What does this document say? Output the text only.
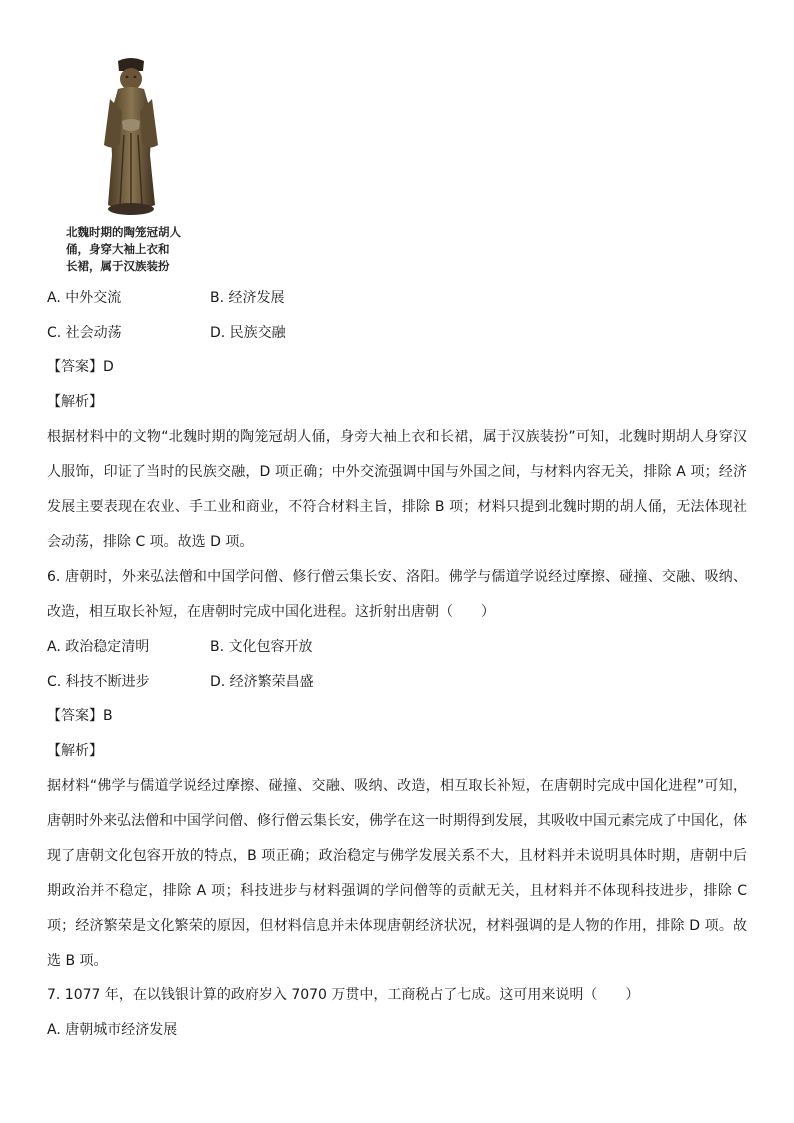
北魏时期的陶笼冠胡人
俑，身穿大袖上衣和
长裙，属于汉族装扮
A. 中外交流	B. 经济发展
C. 社会动荡	D. 民族交融
【答案】D
【解析】
根据材料中的文物“北魏时期的陶笼冠胡人俑，身旁大袖上衣和长裙，属于汉族装扮”可知，北魏时期胡人身穿汉人服饰，印证了当时的民族交融，D 项正确；中外交流强调中国与外国之间，与材料内容无关，排除 A 项；经济发展主要表现在农业、手工业和商业，不符合材料主旨，排除 B 项；材料只提到北魏时期的胡人俑，无法体现社会动荡，排除 C 项。故选 D 项。
6. 唐朝时，外来弘法僧和中国学问僧、修行僧云集长安、洛阳。佛学与儒道学说经过摩擦、碰撞、交融、吸纳、改造，相互取长补短，在唐朝时完成中国化进程。这折射出唐朝（　　）
A. 政治稳定清明	B. 文化包容开放
C. 科技不断进步	D. 经济繁荣昌盛
【答案】B
【解析】
据材料“佛学与儒道学说经过摩擦、碰撞、交融、吸纳、改造，相互取长补短，在唐朝时完成中国化进程”可知，唐朝时外来弘法僧和中国学问僧、修行僧云集长安，佛学在这一时期得到发展，其吸收中国元素完成了中国化，体现了唐朝文化包容开放的特点，B 项正确；政治稳定与佛学发展关系不大，且材料并未说明具体时期，唐朝中后期政治并不稳定，排除 A 项；科技进步与材料强调的学问僧等的贡献无关，且材料并不体现科技进步，排除 C 项；经济繁荣是文化繁荣的原因，但材料信息并未体现唐朝经济状况，材料强调的是人物的作用，排除 D 项。故选 B 项。
7. 1077 年，在以钱银计算的政府岁入 7070 万贯中，工商税占了七成。这可用来说明（　　）
A. 唐朝城市经济发展
